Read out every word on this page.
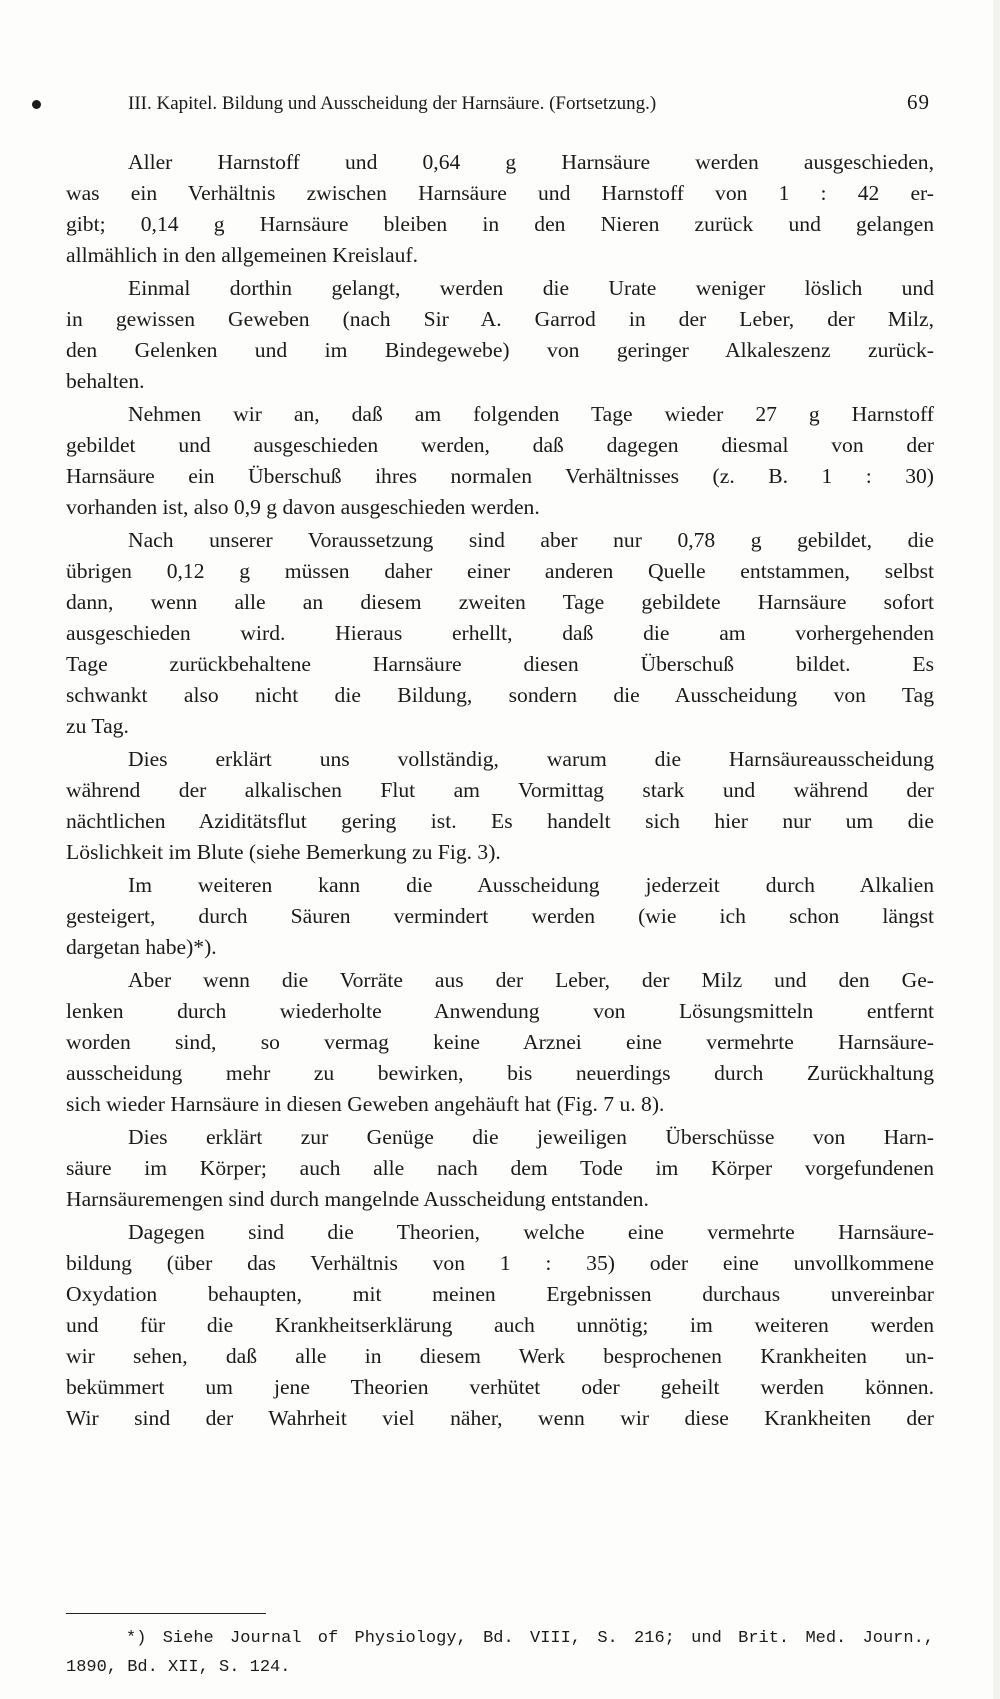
III. Kapitel. Bildung und Ausscheidung der Harnsäure. (Fortsetzung.)	69

Aller Harnstoff und 0,64 g Harnsäure werden ausgeschieden,
was ein Verhältnis zwischen Harnsäure und Harnstoff von 1 : 42 er-
gibt; 0,14 g Harnsäure bleiben in den Nieren zurück und gelangen
allmählich in den allgemeinen Kreislauf.

Einmal dorthin gelangt, werden die Urate weniger löslich und
in gewissen Geweben (nach Sir A. Garrod in der Leber, der Milz,
den Gelenken und im Bindegewebe) von geringer Alkaleszenz zurück-
behalten.

Nehmen wir an, daß am folgenden Tage wieder 27 g Harnstoff
gebildet und ausgeschieden werden, daß dagegen diesmal von der
Harnsäure ein Überschuß ihres normalen Verhältnisses (z. B. 1 : 30)
vorhanden ist, also 0,9 g davon ausgeschieden werden.

Nach unserer Voraussetzung sind aber nur 0,78 g gebildet, die
übrigen 0,12 g müssen daher einer anderen Quelle entstammen, selbst
dann, wenn alle an diesem zweiten Tage gebildete Harnsäure sofort
ausgeschieden wird. Hieraus erhellt, daß die am vorhergehenden
Tage zurückbehaltene Harnsäure diesen Überschuß bildet. Es
schwankt also nicht die Bildung, sondern die Ausscheidung von Tag
zu Tag.

Dies erklärt uns vollständig, warum die Harnsäureausscheidung
während der alkalischen Flut am Vormittag stark und während der
nächtlichen Aziditätsflut gering ist. Es handelt sich hier nur um die
Löslichkeit im Blute (siehe Bemerkung zu Fig. 3).

Im weiteren kann die Ausscheidung jederzeit durch Alkalien
gesteigert, durch Säuren vermindert werden (wie ich schon längst
dargetan habe)*).

Aber wenn die Vorräte aus der Leber, der Milz und den Ge-
lenken durch wiederholte Anwendung von Lösungsmitteln entfernt
worden sind, so vermag keine Arznei eine vermehrte Harnsäure-
ausscheidung mehr zu bewirken, bis neuerdings durch Zurückhaltung
sich wieder Harnsäure in diesen Geweben angehäuft hat (Fig. 7 u. 8).

Dies erklärt zur Genüge die jeweiligen Überschüsse von Harn-
säure im Körper; auch alle nach dem Tode im Körper vorgefundenen
Harnsäuremengen sind durch mangelnde Ausscheidung entstanden.

Dagegen sind die Theorien, welche eine vermehrte Harnsäure-
bildung (über das Verhältnis von 1 : 35) oder eine unvollkommene
Oxydation behaupten, mit meinen Ergebnissen durchaus unvereinbar
und für die Krankheitserklärung auch unnötig; im weiteren werden
wir sehen, daß alle in diesem Werk besprochenen Krankheiten un-
bekümmert um jene Theorien verhütet oder geheilt werden können.
Wir sind der Wahrheit viel näher, wenn wir diese Krankheiten der

*) Siehe Journal of Physiology, Bd. VIII, S. 216; und Brit. Med. Journ.,
1890, Bd. XII, S. 124.
